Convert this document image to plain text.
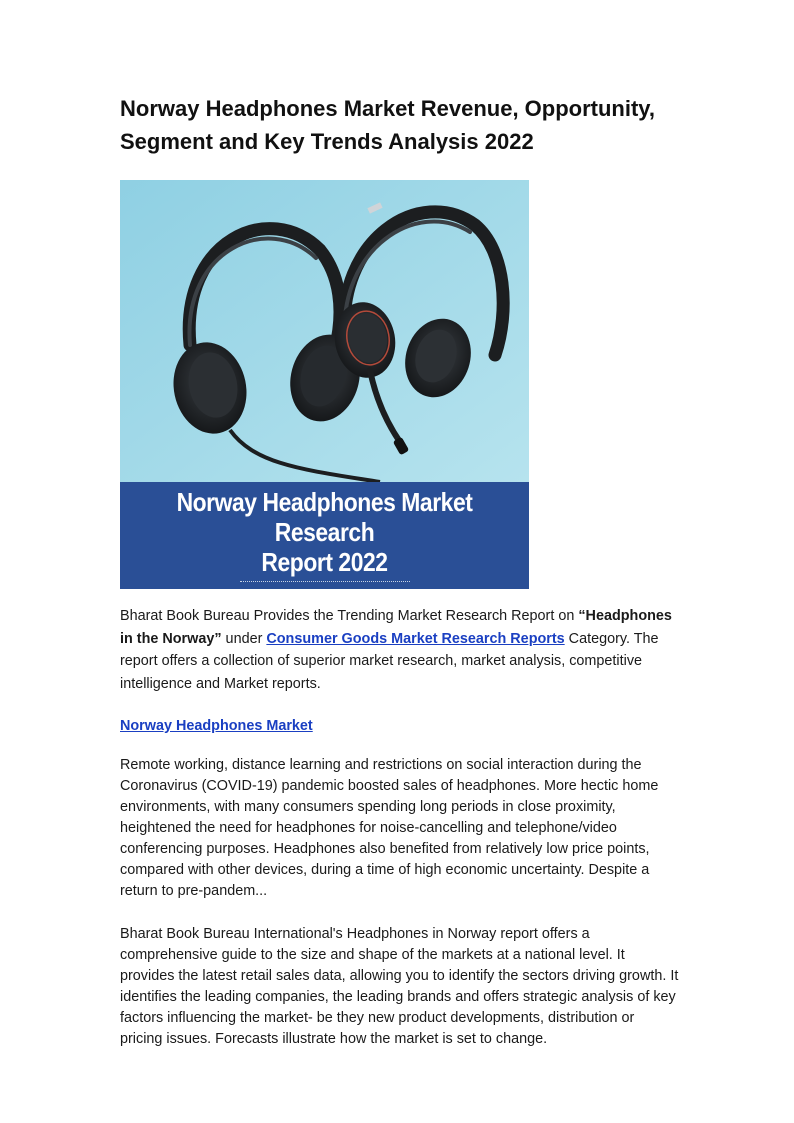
Norway Headphones Market Revenue, Opportunity, Segment and Key Trends Analysis 2022
Norway Headphones Market Research
Report 2022
www.bharatbook.com

Bharat Book Bureau Provides the Trending Market Research Report on “Headphones in the Norway” under Consumer Goods Market Research Reports Category. The report offers a collection of superior market research, market analysis, competitive intelligence and Market reports.

Norway Headphones Market

Remote working, distance learning and restrictions on social interaction during the Coronavirus (COVID-19) pandemic boosted sales of headphones. More hectic home environments, with many consumers spending long periods in close proximity, heightened the need for headphones for noise-cancelling and telephone/video conferencing purposes. Headphones also benefited from relatively low price points, compared with other devices, during a time of high economic uncertainty. Despite a return to pre-pandem...

Bharat Book Bureau International's Headphones in Norway report offers a comprehensive guide to the size and shape of the markets at a national level. It provides the latest retail sales data, allowing you to identify the sectors driving growth. It identifies the leading companies, the leading brands and offers strategic analysis of key factors influencing the market- be they new product developments, distribution or pricing issues. Forecasts illustrate how the market is set to change.
